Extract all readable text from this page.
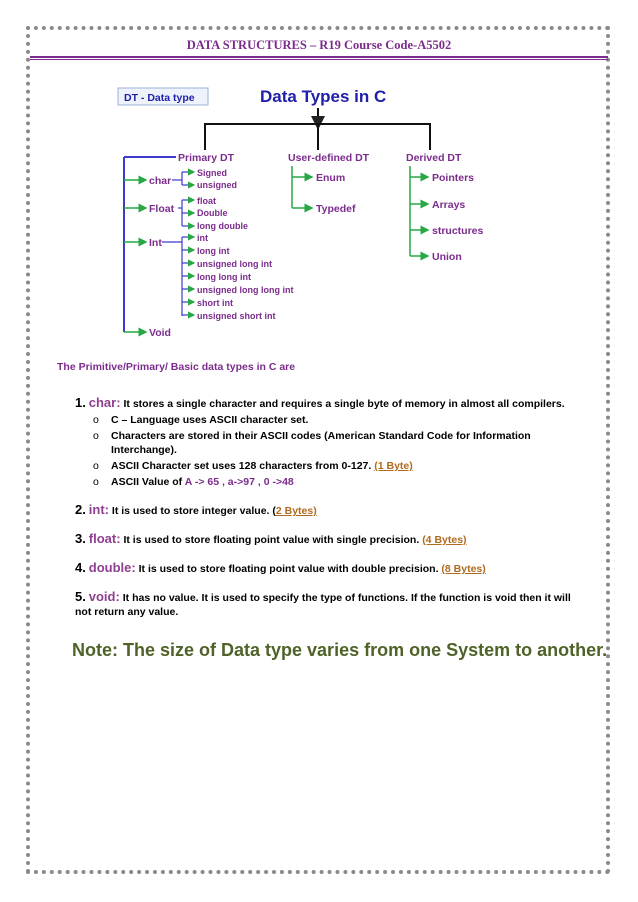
DATA STRUCTURES – R19 Course Code-A5502
DT - Data type	Data Types in C
Primary DT	User-defined DT	Derived DT
char
Float
Int
Void
Signed
unsigned
float
Double
long double
int
long int
unsigned long int
long long int
unsigned long long int
short int
unsigned short int
Enum
Typedef
Pointers
Arrays
structures
Union
The Primitive/Primary/ Basic data types in C are
1. char: It stores a single character and requires a single byte of memory in almost all compilers.
o C – Language uses ASCII character set.
o Characters are stored in their ASCII codes (American Standard Code for Information Interchange).
o ASCII Character set uses 128 characters from 0-127. (1 Byte)
o ASCII Value of A -> 65 , a->97 , 0 ->48
2. int: It is used to store integer value. (2 Bytes)
3. float: It is used to store floating point value with single precision. (4 Bytes)
4. double: It is used to store floating point value with double precision. (8 Bytes)
5. void: It has no value. It is used to specify the type of functions. If the function is void then it will not return any value.
Note: The size of Data type varies from one System to another.
